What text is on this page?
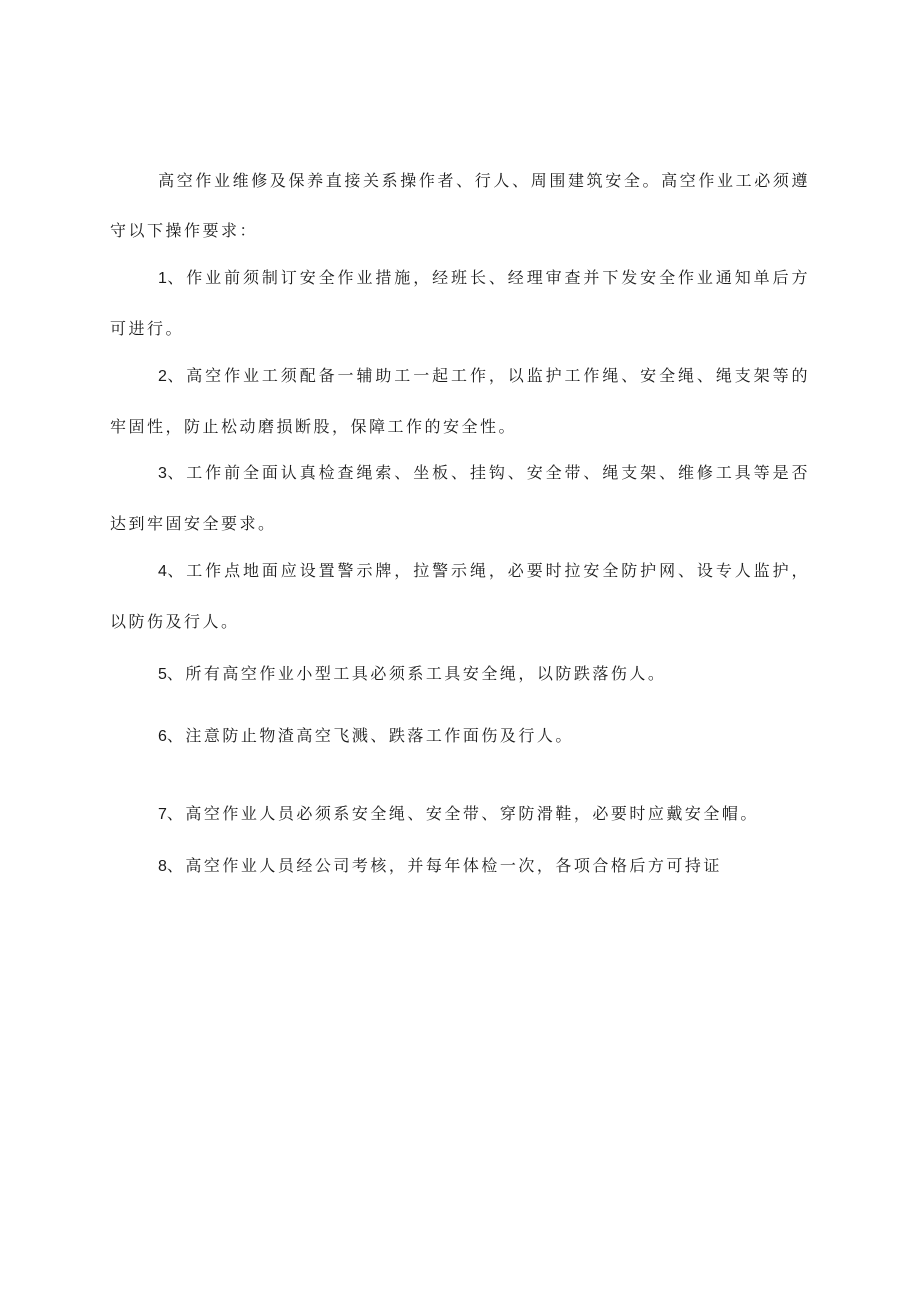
高空作业维修及保养直接关系操作者、行人、周围建筑安全。高空作业工必须遵守以下操作要求：

1、作业前须制订安全作业措施，经班长、经理审查并下发安全作业通知单后方可进行。

2、高空作业工须配备一辅助工一起工作，以监护工作绳、安全绳、绳支架等的牢固性，防止松动磨损断股，保障工作的安全性。

3、工作前全面认真检查绳索、坐板、挂钩、安全带、绳支架、维修工具等是否达到牢固安全要求。

4、工作点地面应设置警示牌，拉警示绳，必要时拉安全防护网、设专人监护，以防伤及行人。

5、所有高空作业小型工具必须系工具安全绳，以防跌落伤人。

6、注意防止物渣高空飞溅、跌落工作面伤及行人。

7、高空作业人员必须系安全绳、安全带、穿防滑鞋，必要时应戴安全帽。

8、高空作业人员经公司考核，并每年体检一次，各项合格后方可持证
